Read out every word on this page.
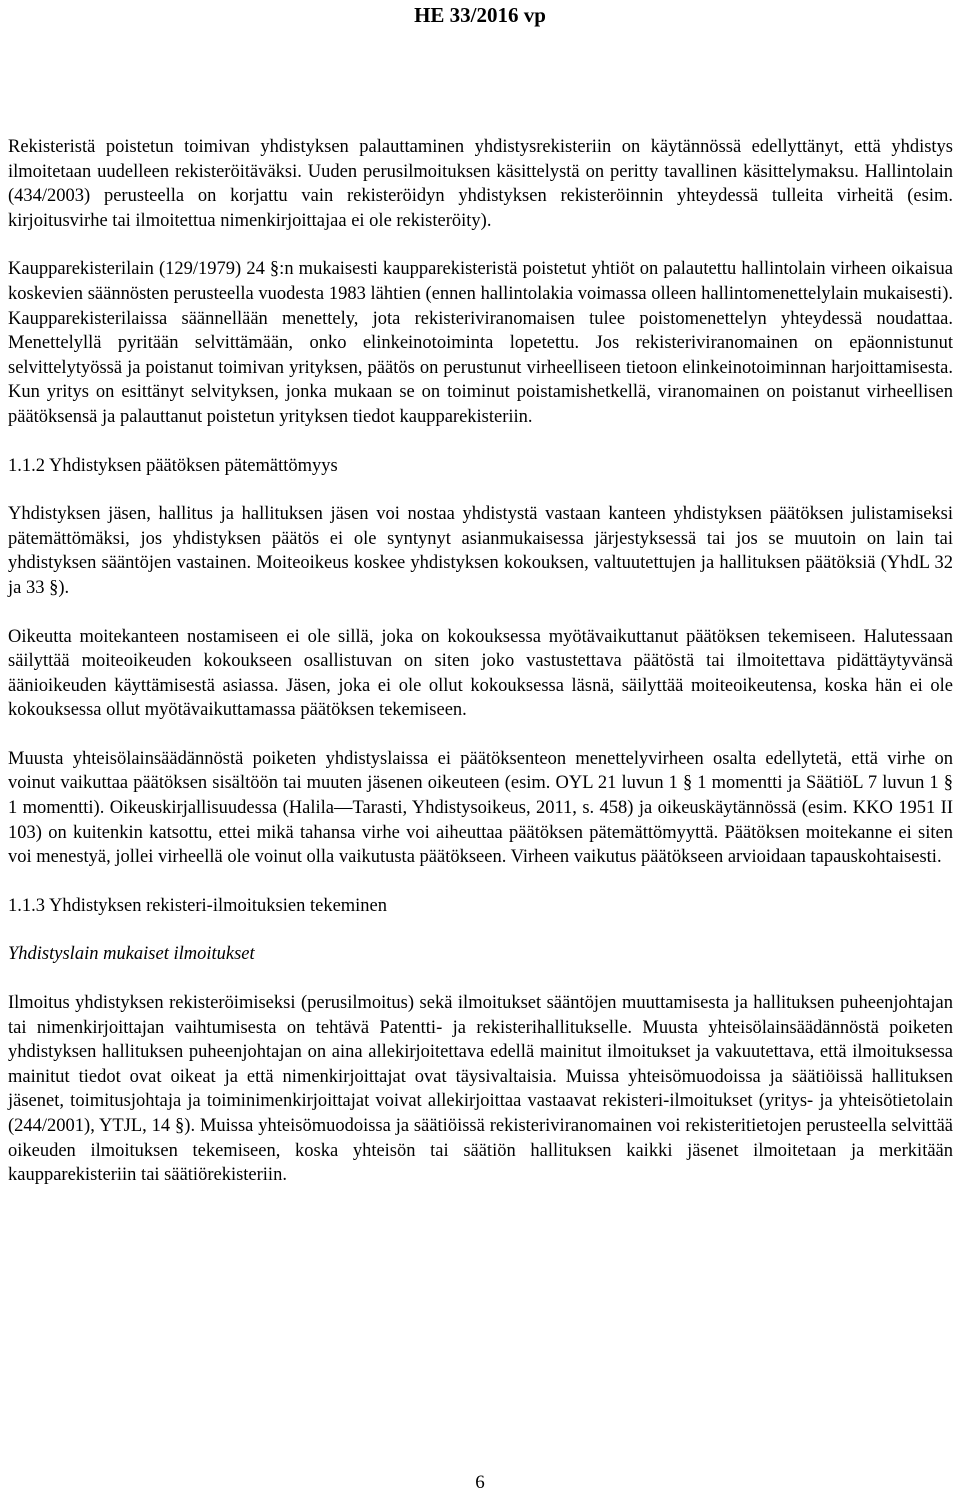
HE 33/2016 vp

Rekisteristä poistetun toimivan yhdistyksen palauttaminen yhdistysrekisteriin on käytännössä edellyttänyt, että yhdistys ilmoitetaan uudelleen rekisteröitäväksi. Uuden perusilmoituksen käsittelystä on peritty tavallinen käsittelymaksu. Hallintolain (434/2003) perusteella on korjattu vain rekisteröidyn yhdistyksen rekisteröinnin yhteydessä tulleita virheitä (esim. kirjoitusvirhe tai ilmoitettua nimenkirjoittajaa ei ole rekisteröity).

Kaupparekisterilain (129/1979) 24 §:n mukaisesti kaupparekisteristä poistetut yhtiöt on palautettu hallintolain virheen oikaisua koskevien säännösten perusteella vuodesta 1983 lähtien (ennen hallintolakia voimassa olleen hallintomenettelylain mukaisesti). Kaupparekisterilaissa säännellään menettely, jota rekisteriviranomaisen tulee poistomenettelyn yhteydessä noudattaa. Menettelyllä pyritään selvittämään, onko elinkeinotoiminta lopetettu. Jos rekisteriviranomainen on epäonnistunut selvittelytyössä ja poistanut toimivan yrityksen, päätös on perustunut virheelliseen tietoon elinkeinotoiminnan harjoittamisesta. Kun yritys on esittänyt selvityksen, jonka mukaan se on toiminut poistamishetkellä, viranomainen on poistanut virheellisen päätöksensä ja palauttanut poistetun yrityksen tiedot kaupparekisteriin.

1.1.2 Yhdistyksen päätöksen pätemättömyys

Yhdistyksen jäsen, hallitus ja hallituksen jäsen voi nostaa yhdistystä vastaan kanteen yhdistyksen päätöksen julistamiseksi pätemättömäksi, jos yhdistyksen päätös ei ole syntynyt asianmukaisessa järjestyksessä tai jos se muutoin on lain tai yhdistyksen sääntöjen vastainen. Moiteoikeus koskee yhdistyksen kokouksen, valtuutettujen ja hallituksen päätöksiä (YhdL 32 ja 33 §).

Oikeutta moitekanteen nostamiseen ei ole sillä, joka on kokouksessa myötävaikuttanut päätöksen tekemiseen. Halutessaan säilyttää moiteoikeuden kokoukseen osallistuvan on siten joko vastustettava päätöstä tai ilmoitettava pidättäytyvänsä äänioikeuden käyttämisestä asiassa. Jäsen, joka ei ole ollut kokouksessa läsnä, säilyttää moiteoikeutensa, koska hän ei ole kokouksessa ollut myötävaikuttamassa päätöksen tekemiseen.

Muusta yhteisölainsäädännöstä poiketen yhdistyslaissa ei päätöksenteon menettelyvirheen osalta edellytetä, että virhe on voinut vaikuttaa päätöksen sisältöön tai muuten jäsenen oikeuteen (esim. OYL 21 luvun 1 § 1 momentti ja SäätiöL 7 luvun 1 § 1 momentti). Oikeuskirjallisuudessa (Halila—Tarasti, Yhdistysoikeus, 2011, s. 458) ja oikeuskäytännössä (esim. KKO 1951 II 103) on kuitenkin katsottu, ettei mikä tahansa virhe voi aiheuttaa päätöksen pätemättömyyttä. Päätöksen moitekanne ei siten voi menestyä, jollei virheellä ole voinut olla vaikutusta päätökseen. Virheen vaikutus päätökseen arvioidaan tapauskohtaisesti.

1.1.3 Yhdistyksen rekisteri-ilmoituksien tekeminen

Yhdistyslain mukaiset ilmoitukset

Ilmoitus yhdistyksen rekisteröimiseksi (perusilmoitus) sekä ilmoitukset sääntöjen muuttamisesta ja hallituksen puheenjohtajan tai nimenkirjoittajan vaihtumisesta on tehtävä Patentti- ja rekisterihallitukselle. Muusta yhteisölainsäädännöstä poiketen yhdistyksen hallituksen puheenjohtajan on aina allekirjoitettava edellä mainitut ilmoitukset ja vakuutettava, että ilmoituksessa mainitut tiedot ovat oikeat ja että nimenkirjoittajat ovat täysivaltaisia. Muissa yhteisömuodoissa ja säätiöissä hallituksen jäsenet, toimitusjohtaja ja toiminimenkirjoittajat voivat allekirjoittaa vastaavat rekisteri-ilmoitukset (yritys- ja yhteisötietolain (244/2001), YTJL, 14 §). Muissa yhteisömuodoissa ja säätiöissä rekisteriviranomainen voi rekisteritietojen perusteella selvittää oikeuden ilmoituksen tekemiseen, koska yhteisön tai säätiön hallituksen kaikki jäsenet ilmoitetaan ja merkitään kaupparekisteriin tai säätiörekisteriin.

6
